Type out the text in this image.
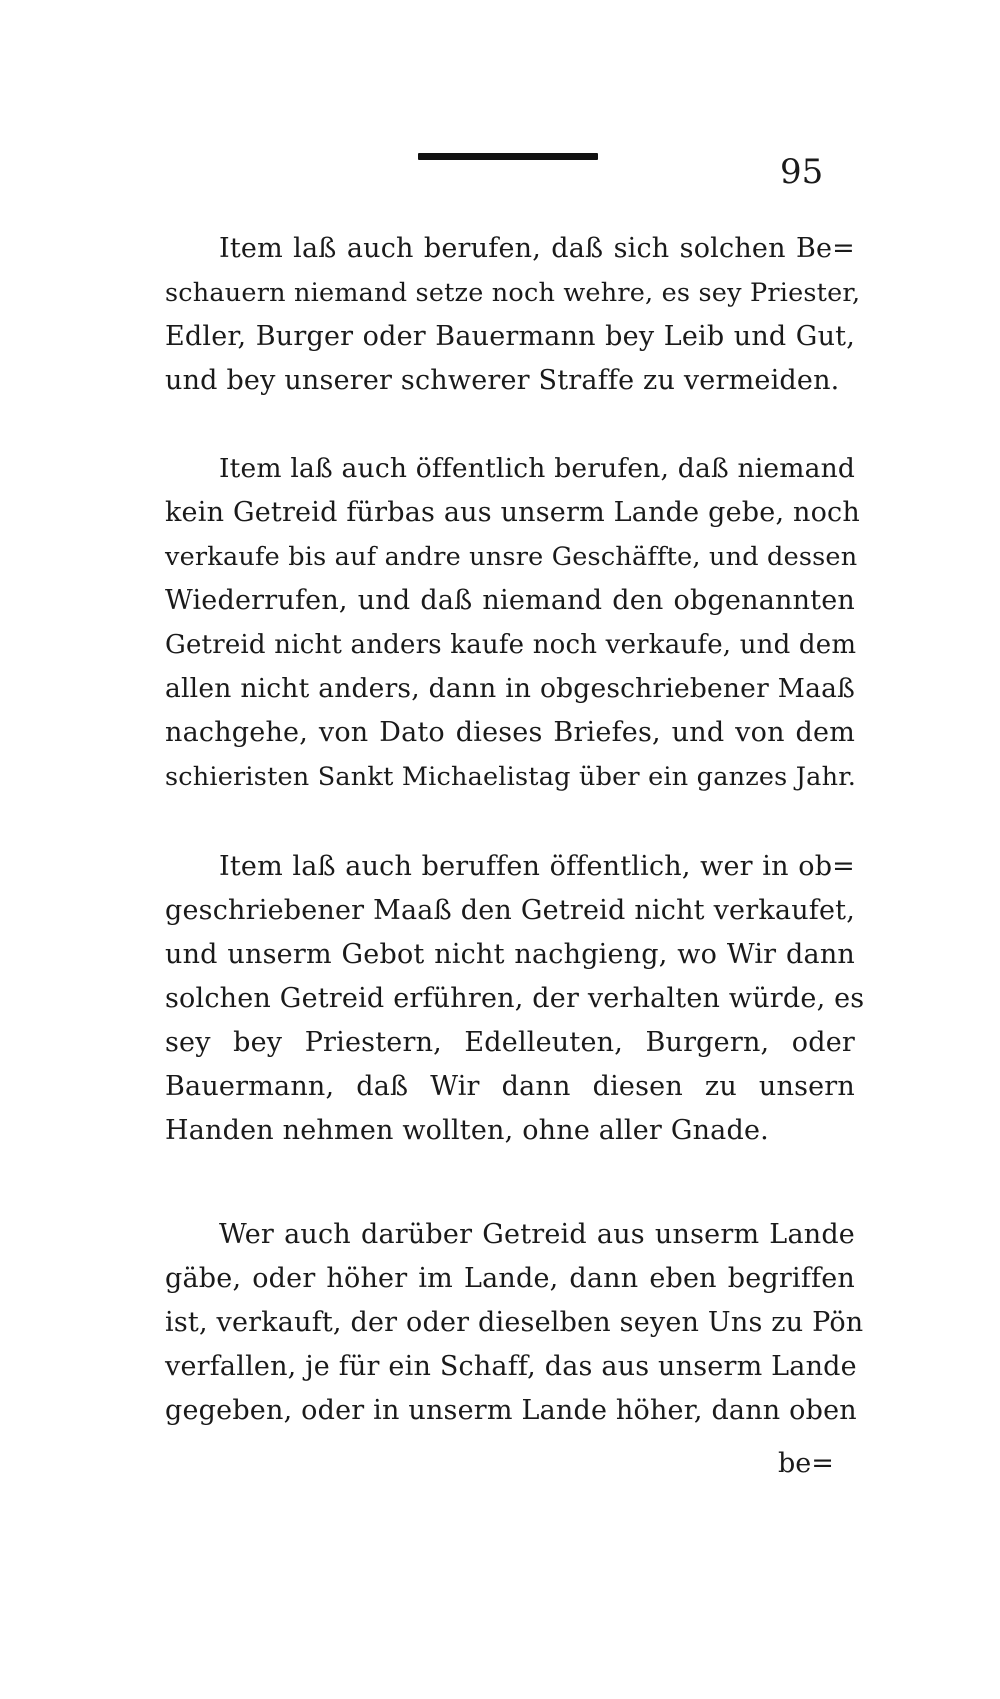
95
Item laß auch berufen, daß sich solchen Be=
schauern niemand setze noch wehre, es sey Priester,
Edler, Burger oder Bauermann bey Leib und Gut,
und bey unserer schwerer Straffe zu vermeiden.
Item laß auch öffentlich berufen, daß niemand
kein Getreid fürbas aus unserm Lande gebe, noch
verkaufe bis auf andre unsre Geschäffte, und dessen
Wiederrufen, und daß niemand den obgenannten
Getreid nicht anders kaufe noch verkaufe, und dem
allen nicht anders, dann in obgeschriebener Maaß
nachgehe, von Dato dieses Briefes, und von dem
schieristen Sankt Michaelistag über ein ganzes Jahr.
Item laß auch beruffen öffentlich, wer in ob=
geschriebener Maaß den Getreid nicht verkaufet,
und unserm Gebot nicht nachgieng, wo Wir dann
solchen Getreid erführen, der verhalten würde, es
sey bey Priestern, Edelleuten, Burgern, oder
Bauermann, daß Wir dann diesen zu unsern
Handen nehmen wollten, ohne aller Gnade.
Wer auch darüber Getreid aus unserm Lande
gäbe, oder höher im Lande, dann eben begriffen
ist, verkauft, der oder dieselben seyen Uns zu Pön
verfallen, je für ein Schaff, das aus unserm Lande
gegeben, oder in unserm Lande höher, dann oben
be=
